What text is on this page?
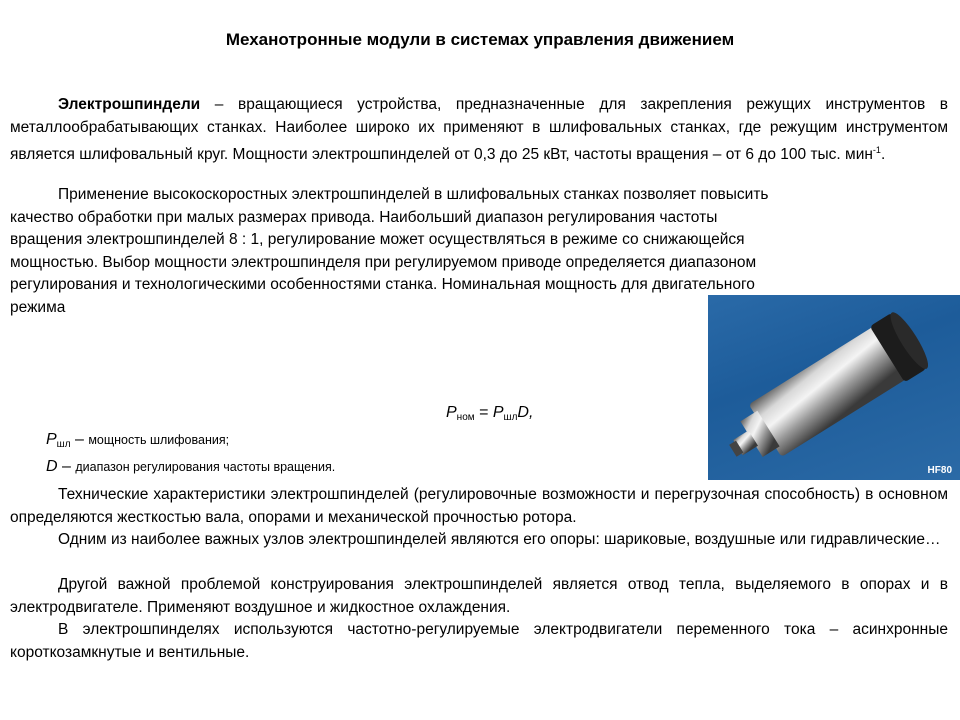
Механотронные модули в системах управления движением

Электрошпиндели – вращающиеся устройства, предназначенные для закрепления режущих инструментов в металлообрабатывающих станках. Наиболее широко их применяют в шлифовальных станках, где режущим инструментом является шлифовальный круг. Мощности электрошпинделей от 0,3 до 25 кВт, частоты вращения – от 6 до 100 тыс. мин$^{-1}$.

Применение высокоскоростных электрошпинделей в шлифовальных станках позволяет повысить
качество обработки при малых размерах привода. Наибольший диапазон регулирования частоты
вращения электрошпинделей 8 : 1, регулирование может осуществляться в режиме со снижающейся
мощностью. Выбор мощности электрошпинделя при регулируемом приводе определяется диапазоном
регулирования и технологическими особенностями станка. Номинальная мощность для двигательного
режима

HF80
$P_{ном} = P_{шл}D$,
$P_{шл}$ – мощность шлифования;
D – диапазон регулирования частоты вращения.

Технические характеристики электрошпинделей (регулировочные возможности и перегрузочная способность) в основном определяются жесткостью вала, опорами и механической прочностью ротора.

Одним из наиболее важных узлов электрошпинделей являются его опоры: шариковые, воздушные или гидравлические…

Другой важной проблемой конструирования электрошпинделей является отвод тепла, выделяемого в опорах и в электродвигателе. Применяют воздушное и жидкостное охлаждения.

В электрошпинделях используются частотно-регулируемые электродвигатели переменного тока – асинхронные короткозамкнутые и вентильные.
